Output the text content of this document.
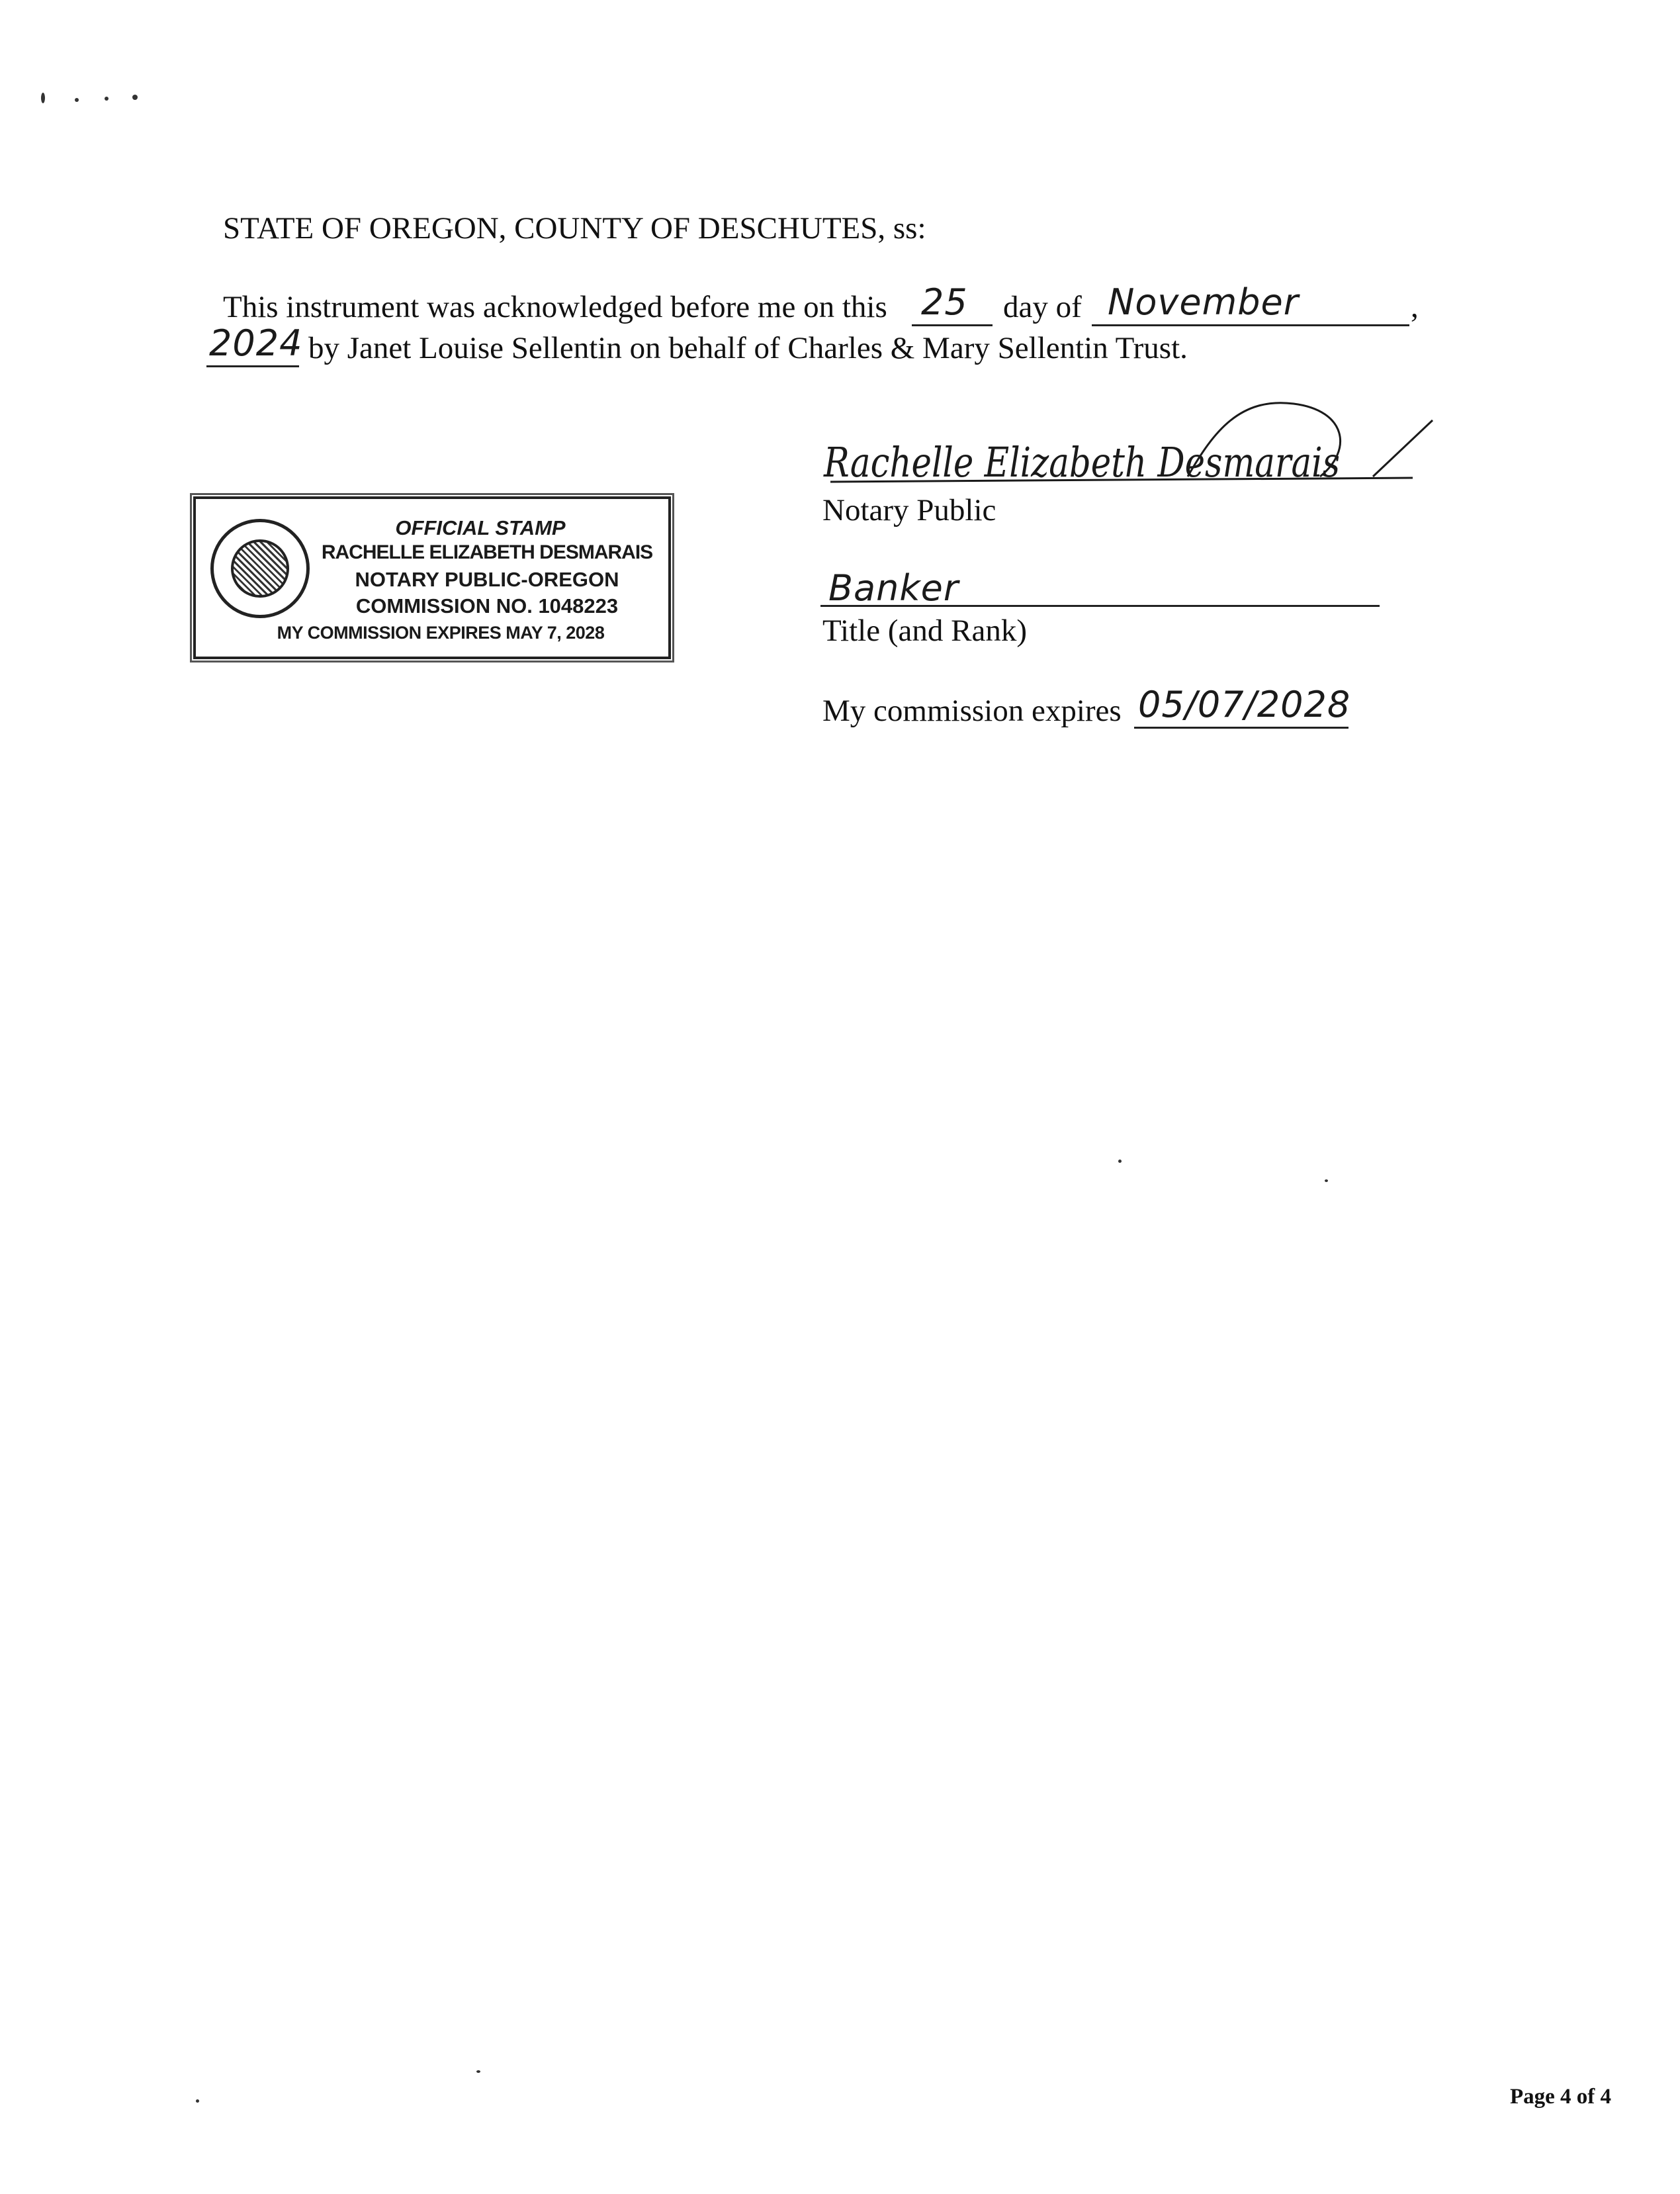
STATE OF OREGON, COUNTY OF DESCHUTES, ss:
This instrument was acknowledged before me on this 25 day of November	,
2024 by Janet Louise Sellentin on behalf of Charles & Mary Sellentin Trust.
Rachelle Elizabeth Desmarais
Notary Public
Banker
Title (and Rank)
My commission expires 05/07/2028
OFFICIAL STAMP
RACHELLE ELIZABETH DESMARAIS
NOTARY PUBLIC-OREGON
COMMISSION NO. 1048223
MY COMMISSION EXPIRES MAY 7, 2028
Page 4 of 4
